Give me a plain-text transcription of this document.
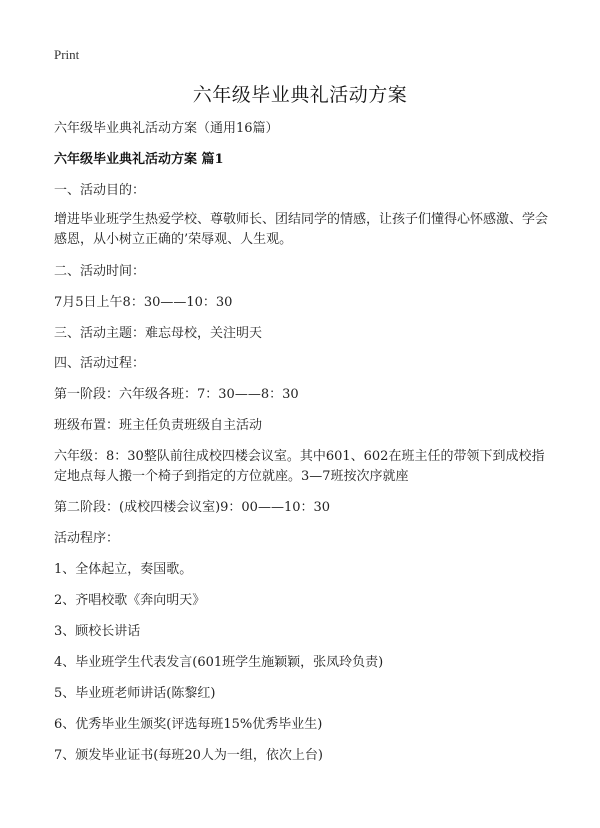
Print
六年级毕业典礼活动方案
六年级毕业典礼活动方案（通用16篇）
六年级毕业典礼活动方案 篇1
一、活动目的：
增进毕业班学生热爱学校、尊敬师长、团结同学的情感，让孩子们懂得心怀感激、学会感恩，从小树立正确的’荣辱观、人生观。
二、活动时间：
7月5日上午8：30——10：30
三、活动主题：难忘母校，关注明天
四、活动过程：
第一阶段：六年级各班：7：30——8：30
班级布置：班主任负责班级自主活动
六年级：8：30整队前往成校四楼会议室。其中601、602在班主任的带领下到成校指定地点每人搬一个椅子到指定的方位就座。3—7班按次序就座
第二阶段：(成校四楼会议室)9：00——10：30
活动程序：
1、全体起立，奏国歌。
2、齐唱校歌《奔向明天》
3、顾校长讲话
4、毕业班学生代表发言(601班学生施颖颖，张凤玲负责)
5、毕业班老师讲话(陈黎红)
6、优秀毕业生颁奖(评选每班15%优秀毕业生)
7、颁发毕业证书(每班20人为一组，依次上台)
